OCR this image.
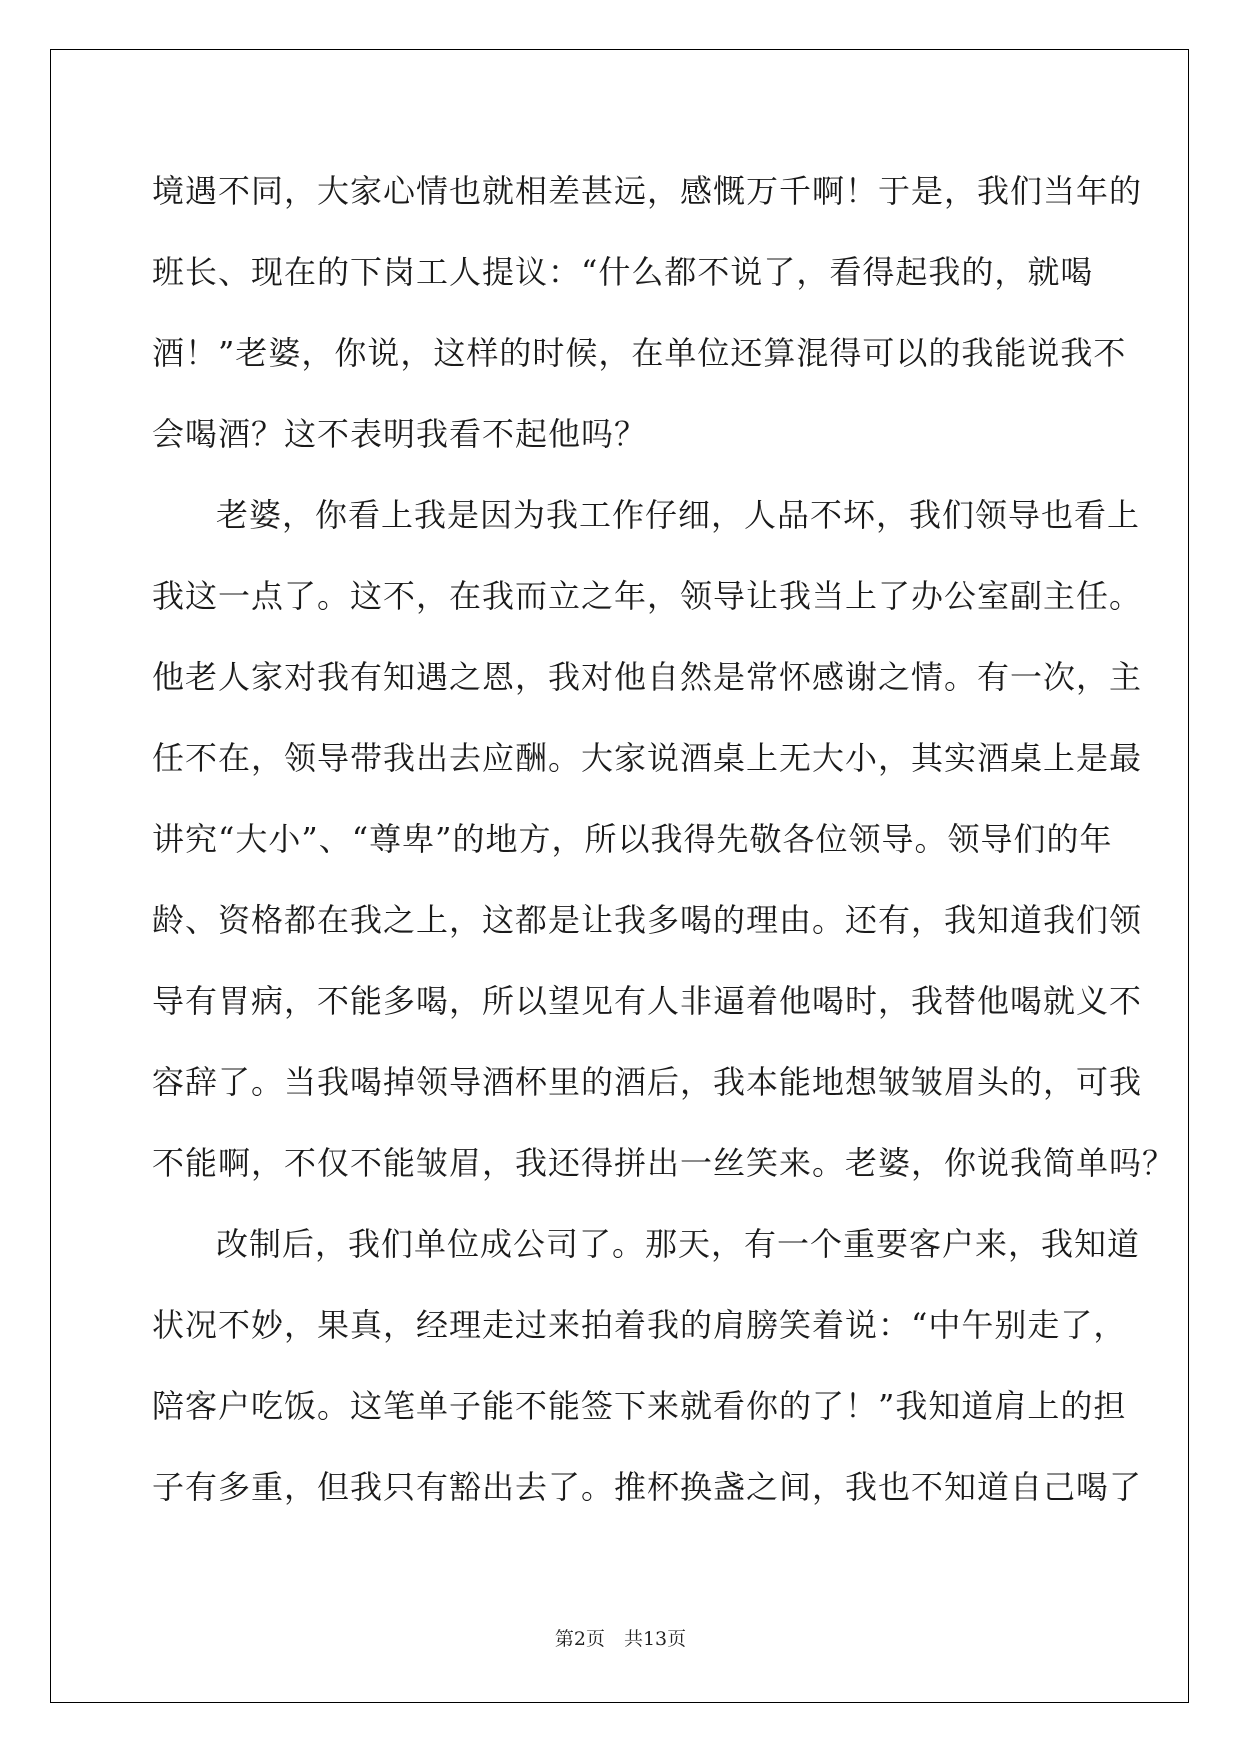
境遇不同，大家心情也就相差甚远，感慨万千啊！于是，我们当年的
班长、现在的下岗工人提议：“什么都不说了，看得起我的，就喝
酒！”老婆，你说，这样的时候，在单位还算混得可以的我能说我不
会喝酒？这不表明我看不起他吗？
老婆，你看上我是因为我工作仔细，人品不坏，我们领导也看上
我这一点了。这不，在我而立之年，领导让我当上了办公室副主任。
他老人家对我有知遇之恩，我对他自然是常怀感谢之情。有一次，主
任不在，领导带我出去应酬。大家说酒桌上无大小，其实酒桌上是最
讲究“大小”、“尊卑”的地方，所以我得先敬各位领导。领导们的年
龄、资格都在我之上，这都是让我多喝的理由。还有，我知道我们领
导有胃病，不能多喝，所以望见有人非逼着他喝时，我替他喝就义不
容辞了。当我喝掉领导酒杯里的酒后，我本能地想皱皱眉头的，可我
不能啊，不仅不能皱眉，我还得拼出一丝笑来。老婆，你说我简单吗？
改制后，我们单位成公司了。那天，有一个重要客户来，我知道
状况不妙，果真，经理走过来拍着我的肩膀笑着说：“中午别走了，
陪客户吃饭。这笔单子能不能签下来就看你的了！”我知道肩上的担
子有多重，但我只有豁出去了。推杯换盏之间，我也不知道自己喝了
第2页　共13页
